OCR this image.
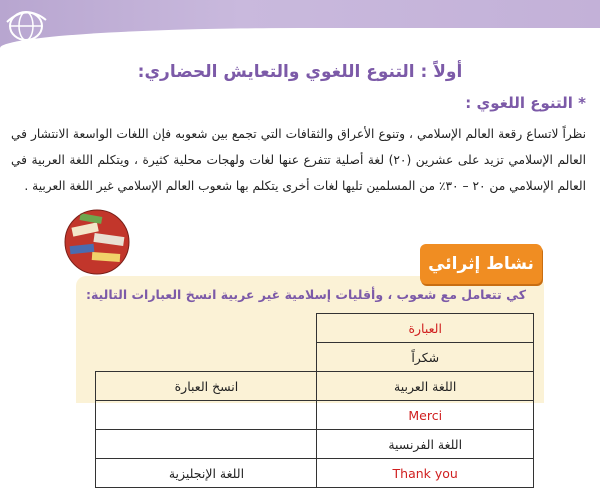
أولاً : التنوع اللغوي والتعايش الحضاري:
* التنوع اللغوي :
نظراً لاتساع رقعة العالم الإسلامي ، وتنوع الأعراق والثقافات التي تجمع بين شعوبه فإن اللغات الواسعة الانتشار في العالم الإسلامي تزيد على عشرين (٢٠) لغة أصلية تتفرع عنها لغات ولهجات محلية كثيرة ، ويتكلم اللغة العربية في العالم الإسلامي من ٢٠ – ٣٠٪ من المسلمين تليها لغات أخرى يتكلم بها شعوب العالم الإسلامي غير اللغة العربية .
نشاط إثرائي
كي تتعامل مع شعوب ، وأقليات إسلامية غير عربية انسخ العبارات التالية:
العبارة		
شكراً		
اللغة العربية	انسخ العبارة	
Merci		
اللغة الفرنسية		
Thank you	اللغة الإنجليزية	
